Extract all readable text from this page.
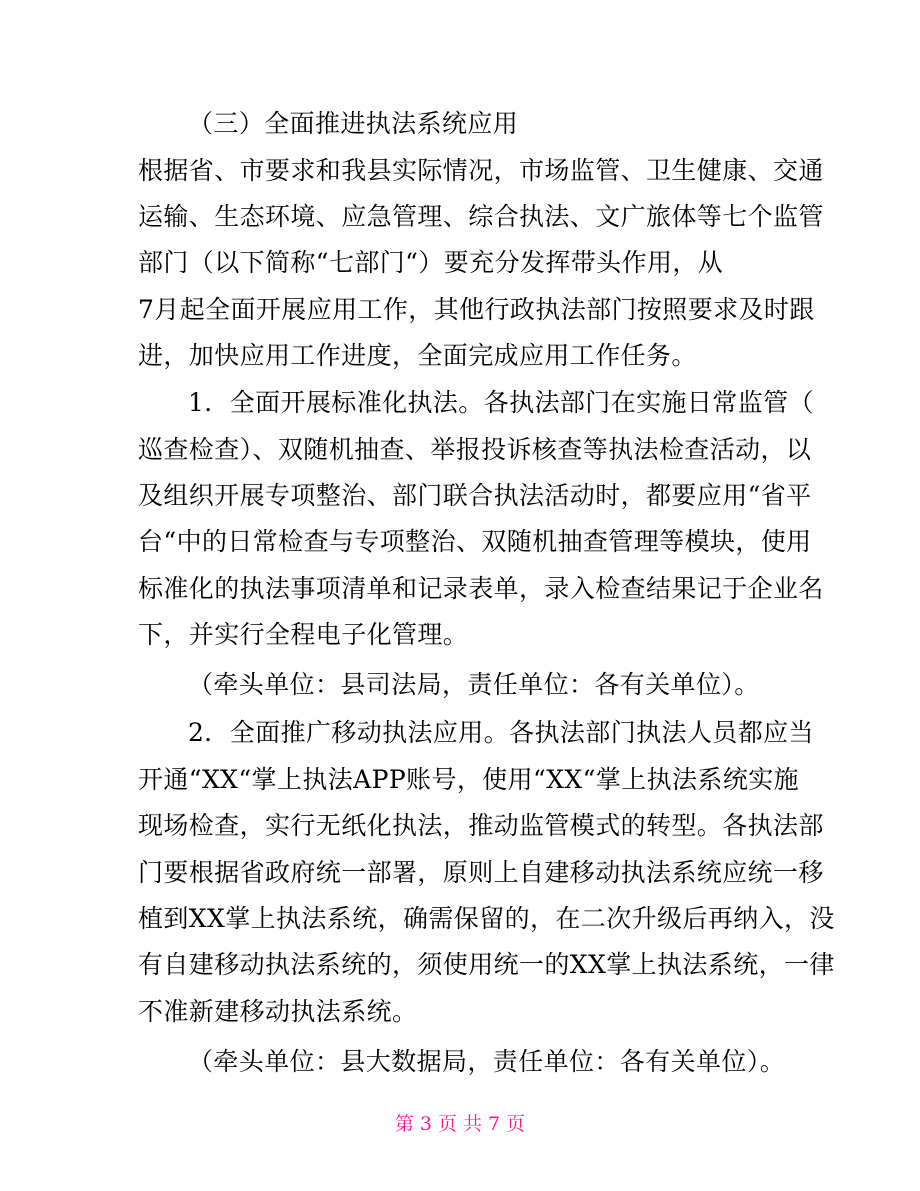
（三）全面推进执法系统应用
根据省、市要求和我县实际情况，市场监管、卫生健康、交通
运输、生态环境、应急管理、综合执法、文广旅体等七个监管
部门（以下简称“七部门“）要充分发挥带头作用，从
7月起全面开展应用工作，其他行政执法部门按照要求及时跟
进，加快应用工作进度，全面完成应用工作任务。
1．全面开展标准化执法。各执法部门在实施日常监管（
巡查检查）、双随机抽查、举报投诉核查等执法检查活动，以
及组织开展专项整治、部门联合执法活动时，都要应用“省平
台“中的日常检查与专项整治、双随机抽查管理等模块，使用
标准化的执法事项清单和记录表单，录入检查结果记于企业名
下，并实行全程电子化管理。
（牵头单位：县司法局，责任单位：各有关单位）。
2．全面推广移动执法应用。各执法部门执法人员都应当
开通“XX“掌上执法APP账号，使用“XX“掌上执法系统实施
现场检查，实行无纸化执法，推动监管模式的转型。各执法部
门要根据省政府统一部署，原则上自建移动执法系统应统一移
植到XX掌上执法系统，确需保留的，在二次升级后再纳入，没
有自建移动执法系统的，须使用统一的XX掌上执法系统，一律
不准新建移动执法系统。
（牵头单位：县大数据局，责任单位：各有关单位）。
第 3 页 共 7 页
